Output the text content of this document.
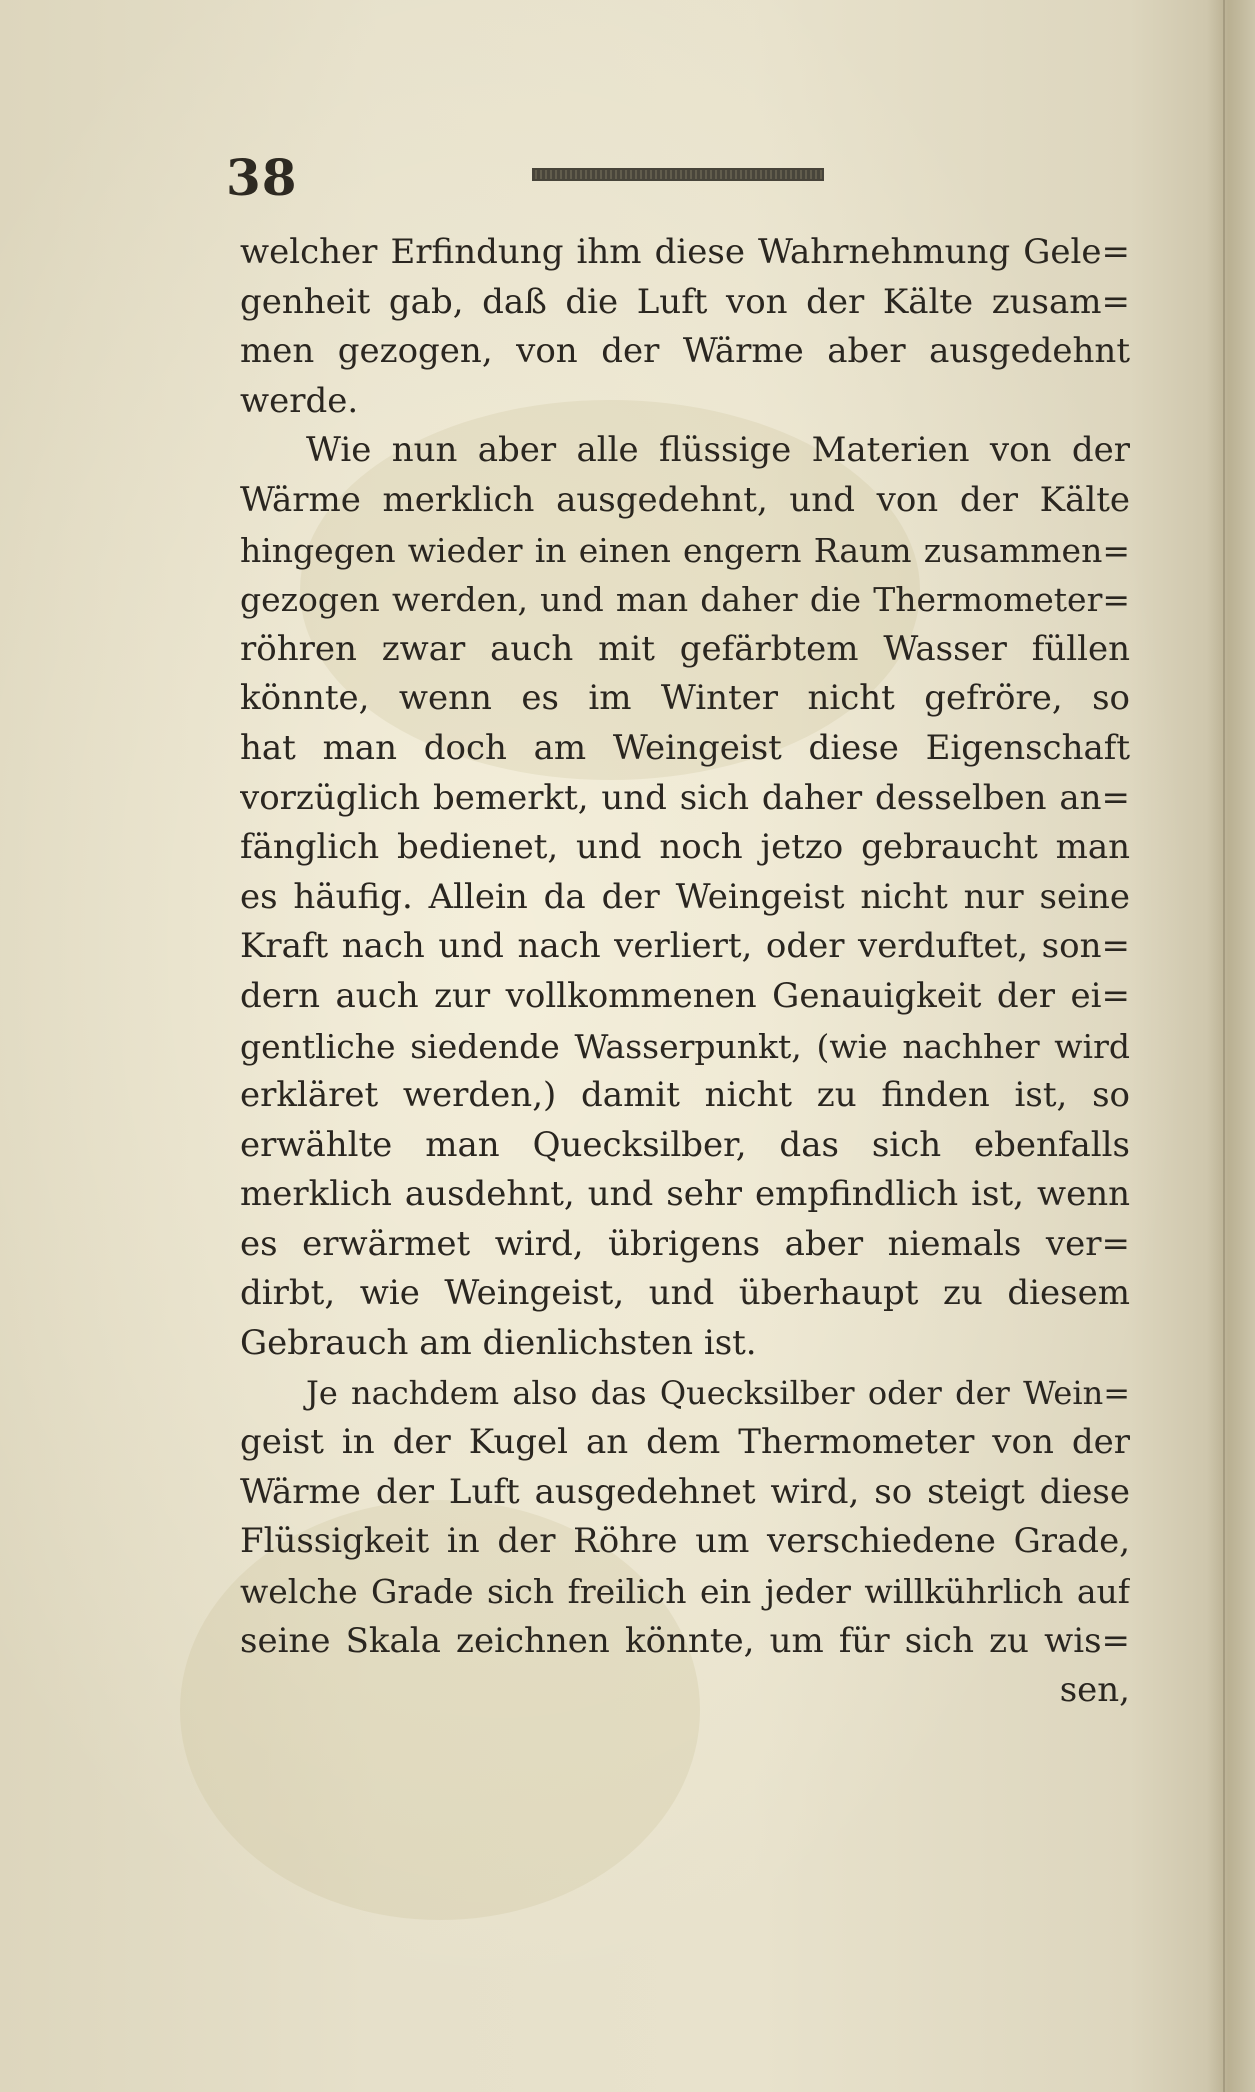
38
welcher Erfindung ihm diese Wahrnehmung Gele=
genheit gab, daß die Luft von der Kälte zusam=
men gezogen, von der Wärme aber ausgedehnt
werde.
Wie nun aber alle flüssige Materien von der
Wärme merklich ausgedehnt, und von der Kälte
hingegen wieder in einen engern Raum zusammen=
gezogen werden, und man daher die Thermometer=
röhren zwar auch mit gefärbtem Wasser füllen
könnte, wenn es im Winter nicht gefröre, so
hat man doch am Weingeist diese Eigenschaft
vorzüglich bemerkt, und sich daher desselben an=
fänglich bedienet, und noch jetzo gebraucht man
es häufig. Allein da der Weingeist nicht nur seine
Kraft nach und nach verliert, oder verduftet, son=
dern auch zur vollkommenen Genauigkeit der ei=
gentliche siedende Wasserpunkt, (wie nachher wird
erkläret werden,) damit nicht zu finden ist, so
erwählte man Quecksilber, das sich ebenfalls
merklich ausdehnt, und sehr empfindlich ist, wenn
es erwärmet wird, übrigens aber niemals ver=
dirbt, wie Weingeist, und überhaupt zu diesem
Gebrauch am dienlichsten ist.
Je nachdem also das Quecksilber oder der Wein=
geist in der Kugel an dem Thermometer von der
Wärme der Luft ausgedehnet wird, so steigt diese
Flüssigkeit in der Röhre um verschiedene Grade,
welche Grade sich freilich ein jeder willkührlich auf
seine Skala zeichnen könnte, um für sich zu wis=
sen,
